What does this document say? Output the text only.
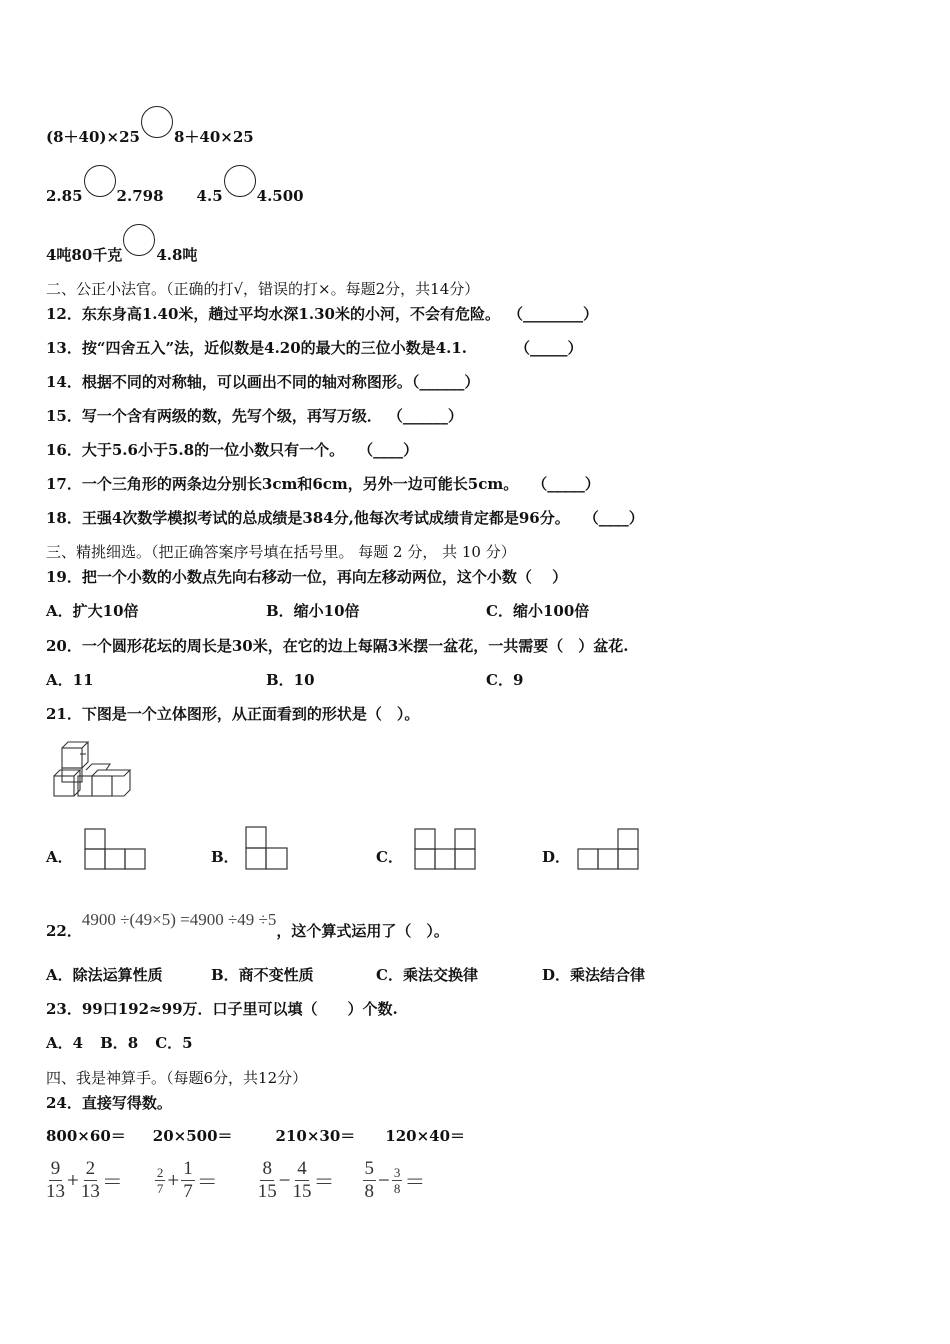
(8＋40)×25 8＋40×25
2.85 2.798 4.5 4.500
4吨80千克 4.8吨
二、公正小法官。（正确的打√，错误的打×。每题2分，共14分）
12．东东身高1.40米，趟过平均水深1.30米的小河，不会有危险。 （________）
13．按“四舍五入”法，近似数是4.20的最大的三位小数是4.1.	（_____）
14．根据不同的对称轴，可以画出不同的轴对称图形。（______）
15．写一个含有两级的数，先写个级，再写万级． （______）
16．大于5.6小于5.8的一位小数只有一个。 （____）
17．一个三角形的两条边分别长3cm和6cm，另外一边可能长5cm。 （_____）
18．王强4次数学模拟考试的总成绩是384分,他每次考试成绩肯定都是96分。 （____）
三、精挑细选。（把正确答案序号填在括号里。 每题 2 分， 共 10 分）
19．把一个小数的小数点先向右移动一位，再向左移动两位，这个小数（　 ）
A．扩大10倍	B．缩小10倍	C．缩小100倍
20．一个圆形花坛的周长是30米，在它的边上每隔3米摆一盆花，一共需要（　）盆花.
A．11	B．10	C．9
21．下图是一个立体图形，从正面看到的形状是（　）。
A．	B．	C．	D．
22．4900 ÷(49×5) =4900 ÷49 ÷5，这个算式运用了（　）。
A．除法运算性质	B．商不变性质	C．乘法交换律	D．乘法结合律
23．99口192≈99万．口子里可以填（　　）个数.
A．4 B．8 C．5
四、我是神算手。（每题6分，共12分）
24．直接写得数。
800×60＝ 20×500＝	210×30＝ 120×40＝
$\frac{9}{13} + \frac{2}{13} = \frac{2}{7} + \frac{1}{7} = \frac{8}{15} - \frac{4}{15} = \frac{5}{8} - \frac{3}{8}$ ＝
